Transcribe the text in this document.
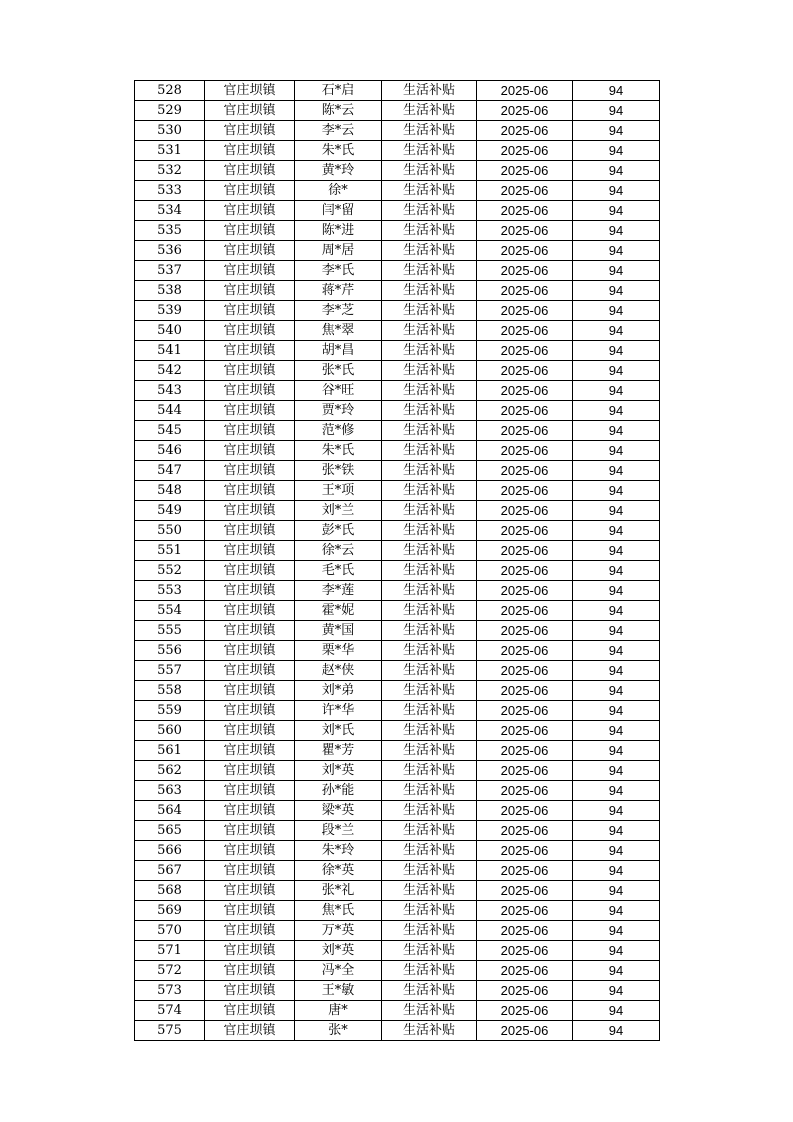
528	官庄坝镇	石*启	生活补贴	2025-06	94
529	官庄坝镇	陈*云	生活补贴	2025-06	94
530	官庄坝镇	李*云	生活补贴	2025-06	94
531	官庄坝镇	朱*氏	生活补贴	2025-06	94
532	官庄坝镇	黄*玲	生活补贴	2025-06	94
533	官庄坝镇	徐*	生活补贴	2025-06	94
534	官庄坝镇	闫*留	生活补贴	2025-06	94
535	官庄坝镇	陈*进	生活补贴	2025-06	94
536	官庄坝镇	周*居	生活补贴	2025-06	94
537	官庄坝镇	李*氏	生活补贴	2025-06	94
538	官庄坝镇	蒋*芹	生活补贴	2025-06	94
539	官庄坝镇	李*芝	生活补贴	2025-06	94
540	官庄坝镇	焦*翠	生活补贴	2025-06	94
541	官庄坝镇	胡*昌	生活补贴	2025-06	94
542	官庄坝镇	张*氏	生活补贴	2025-06	94
543	官庄坝镇	谷*旺	生活补贴	2025-06	94
544	官庄坝镇	贾*玲	生活补贴	2025-06	94
545	官庄坝镇	范*修	生活补贴	2025-06	94
546	官庄坝镇	朱*氏	生活补贴	2025-06	94
547	官庄坝镇	张*铁	生活补贴	2025-06	94
548	官庄坝镇	王*项	生活补贴	2025-06	94
549	官庄坝镇	刘*兰	生活补贴	2025-06	94
550	官庄坝镇	彭*氏	生活补贴	2025-06	94
551	官庄坝镇	徐*云	生活补贴	2025-06	94
552	官庄坝镇	毛*氏	生活补贴	2025-06	94
553	官庄坝镇	李*莲	生活补贴	2025-06	94
554	官庄坝镇	霍*妮	生活补贴	2025-06	94
555	官庄坝镇	黄*国	生活补贴	2025-06	94
556	官庄坝镇	栗*华	生活补贴	2025-06	94
557	官庄坝镇	赵*侠	生活补贴	2025-06	94
558	官庄坝镇	刘*弟	生活补贴	2025-06	94
559	官庄坝镇	许*华	生活补贴	2025-06	94
560	官庄坝镇	刘*氏	生活补贴	2025-06	94
561	官庄坝镇	瞿*芳	生活补贴	2025-06	94
562	官庄坝镇	刘*英	生活补贴	2025-06	94
563	官庄坝镇	孙*能	生活补贴	2025-06	94
564	官庄坝镇	梁*英	生活补贴	2025-06	94
565	官庄坝镇	段*兰	生活补贴	2025-06	94
566	官庄坝镇	朱*玲	生活补贴	2025-06	94
567	官庄坝镇	徐*英	生活补贴	2025-06	94
568	官庄坝镇	张*礼	生活补贴	2025-06	94
569	官庄坝镇	焦*氏	生活补贴	2025-06	94
570	官庄坝镇	万*英	生活补贴	2025-06	94
571	官庄坝镇	刘*英	生活补贴	2025-06	94
572	官庄坝镇	冯*全	生活补贴	2025-06	94
573	官庄坝镇	王*敏	生活补贴	2025-06	94
574	官庄坝镇	唐*	生活补贴	2025-06	94
575	官庄坝镇	张*	生活补贴	2025-06	94
